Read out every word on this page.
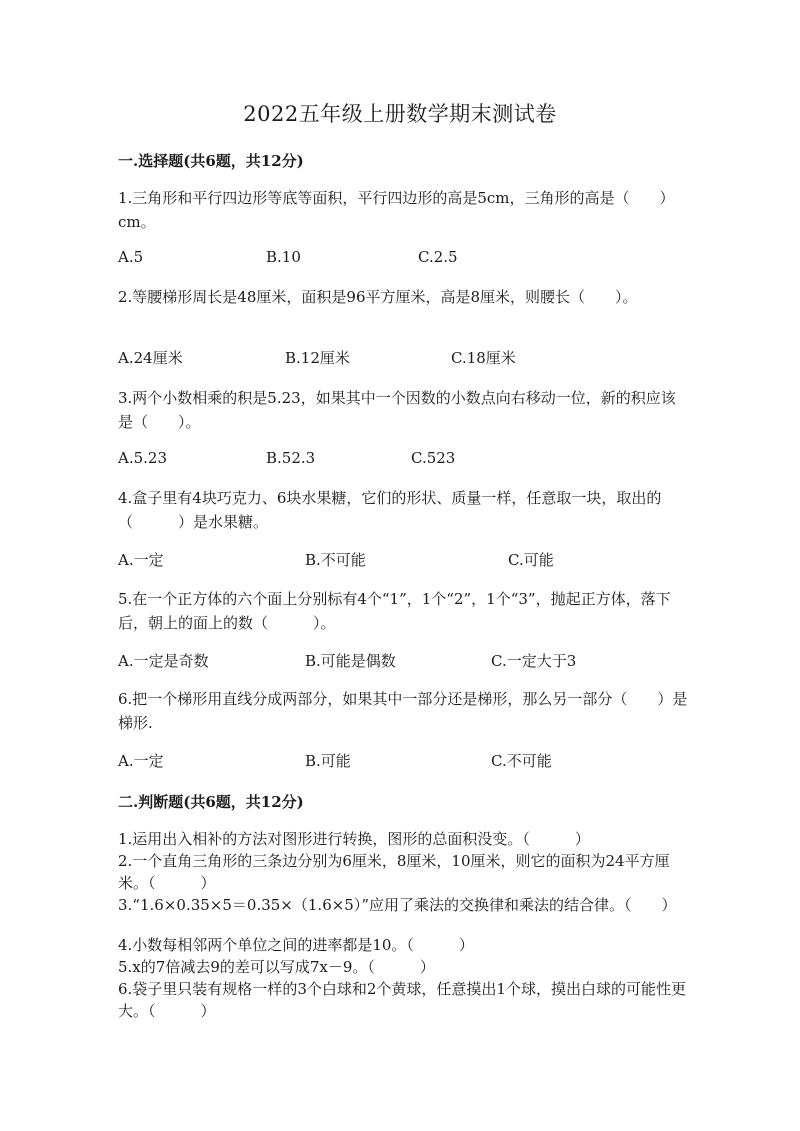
2022五年级上册数学期末测试卷
一.选择题(共6题，共12分)
1.三角形和平行四边形等底等面积，平行四边形的高是5cm，三角形的高是（　　）cm。
A.5	B.10	C.2.5
2.等腰梯形周长是48厘米，面积是96平方厘米，高是8厘米，则腰长（　　）。
A.24厘米	B.12厘米	C.18厘米
3.两个小数相乘的积是5.23，如果其中一个因数的小数点向右移动一位，新的积应该是（　　）。
A.5.23	B.52.3	C.523
4.盒子里有4块巧克力、6块水果糖，它们的形状、质量一样，任意取一块，取出的（　　　）是水果糖。
A.一定	B.不可能	C.可能
5.在一个正方体的六个面上分别标有4个“1”，1个“2”，1个“3”，抛起正方体，落下后，朝上的面上的数（　　　）。
A.一定是奇数	B.可能是偶数	C.一定大于3
6.把一个梯形用直线分成两部分，如果其中一部分还是梯形，那么另一部分（　　）是梯形.
A.一定	B.可能	C.不可能
二.判断题(共6题，共12分)
1.运用出入相补的方法对图形进行转换，图形的总面积没变。（　　　）
2.一个直角三角形的三条边分别为6厘米，8厘米，10厘米，则它的面积为24平方厘米。（　　　）
3.“1.6×0.35×5＝0.35×（1.6×5）”应用了乘法的交换律和乘法的结合律。（　　）
4.小数每相邻两个单位之间的进率都是10。（　　　）
5.x的7倍减去9的差可以写成7x－9。（　　　）
6.袋子里只装有规格一样的3个白球和2个黄球，任意摸出1个球，摸出白球的可能性更大。（　　　）
